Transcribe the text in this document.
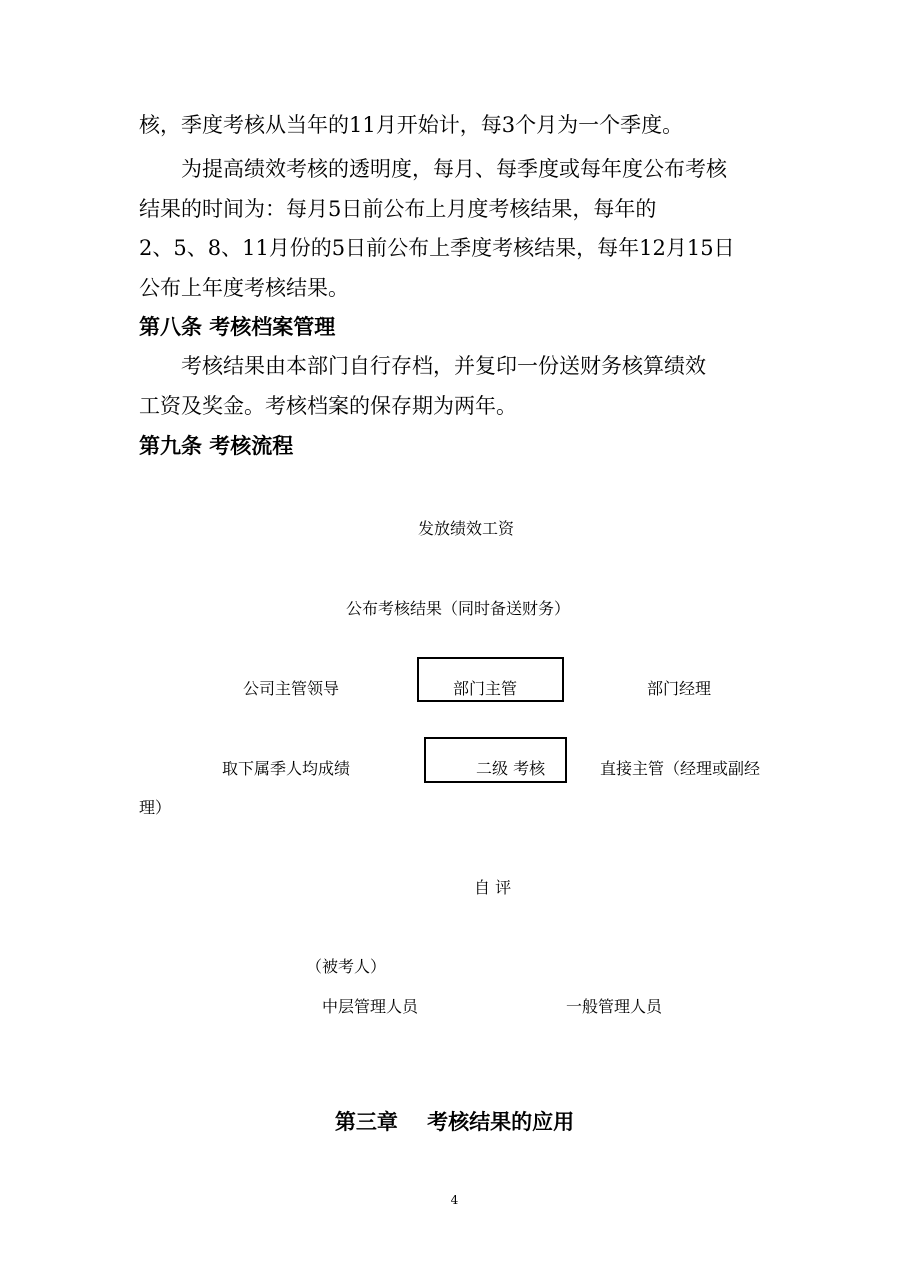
核，季度考核从当年的11月开始计，每3个月为一个季度。

为提高绩效考核的透明度，每月、每季度或每年度公布考核
结果的时间为：每月5日前公布上月度考核结果，每年的
2、5、8、11月份的5日前公布上季度考核结果，每年12月15日
公布上年度考核结果。

第八条 考核档案管理

考核结果由本部门自行存档，并复印一份送财务核算绩效
工资及奖金。考核档案的保存期为两年。

第九条 考核流程
发放绩效工资
公布考核结果（同时备送财务）
公司主管领导	部门主管	部门经理
取下属季人均成绩	二级 考核	直接主管（经理或副经
理）
自 评
（被考人）
中层管理人员	一般管理人员
第三章    考核结果的应用
4
